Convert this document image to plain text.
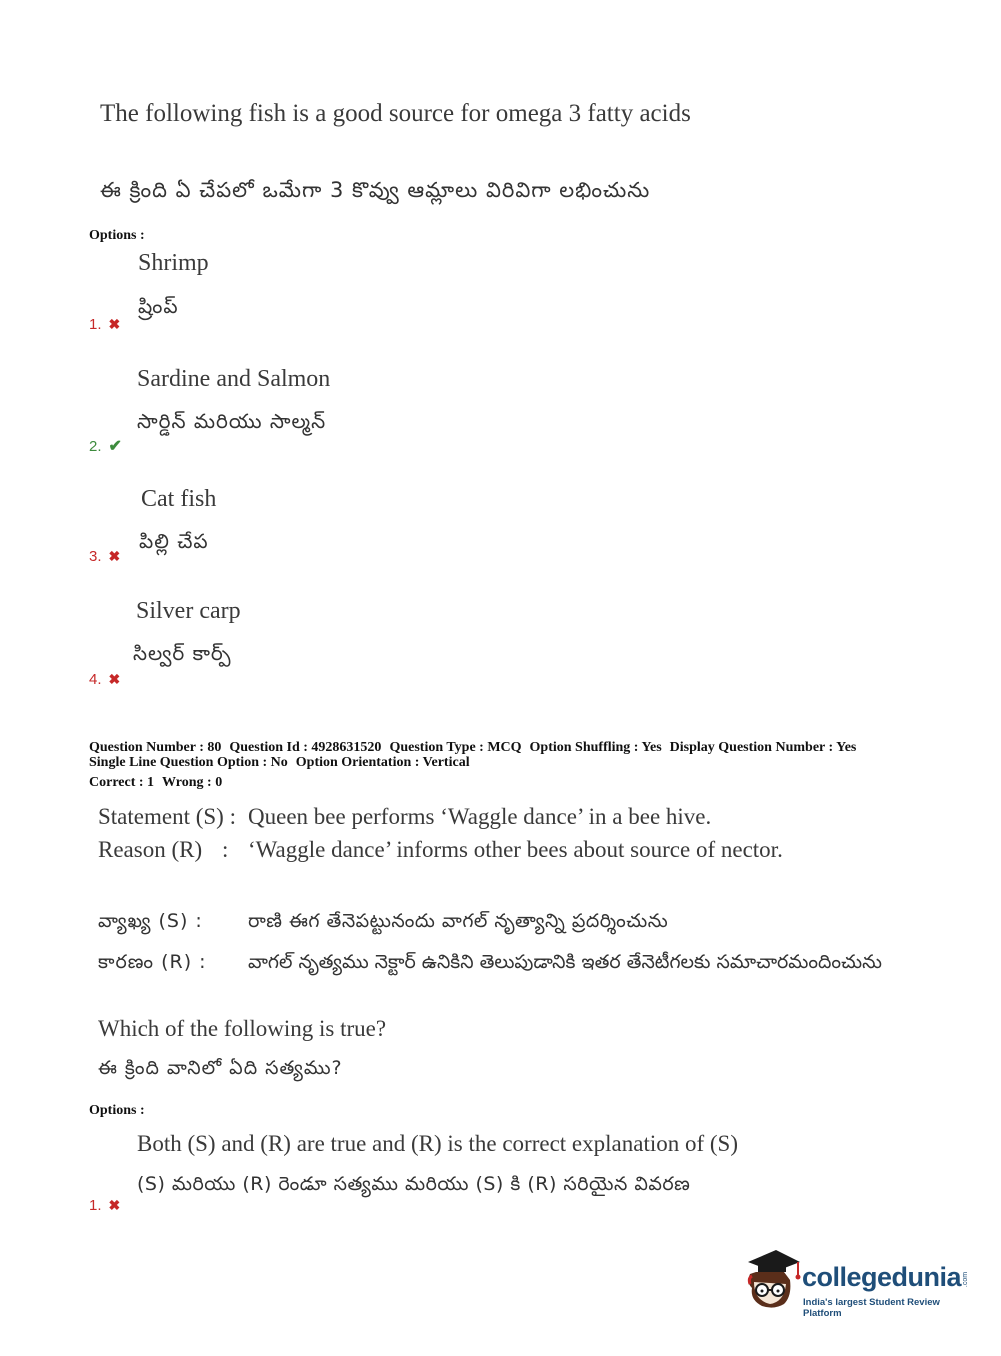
The following fish is a good source for omega 3 fatty acids
ఈ క్రింది ఏ చేపలో ఒమేగా 3 కొవ్వు ఆమ్లాలు విరివిగా లభించును
Options :
Shrimp
ష్రింప్
1. ✖
Sardine and Salmon
సార్డిన్ మరియు సాల్మన్
2. ✔
Cat fish
పిల్లి చేప
3. ✖
Silver carp
సిల్వర్ కార్ప్
4. ✖
Question Number : 80 Question Id : 4928631520 Question Type : MCQ Option Shuffling : Yes Display Question Number : Yes
Single Line Question Option : No Option Orientation : Vertical
Correct : 1 Wrong : 0
Statement (S) : Queen bee performs ‘Waggle dance’ in a bee hive.
Reason (R) : ‘Waggle dance’ informs other bees about source of nector.
వ్యాఖ్య (S) : రాణి ఈగ తేనెపట్టునందు వాగల్ నృత్యాన్ని ప్రదర్శించును
కారణం (R) : వాగల్ నృత్యము నెక్టార్ ఉనికిని తెలుపుడానికి ఇతర తేనెటీగలకు సమాచారమందించును
Which of the following is true?
ఈ క్రింది వానిలో ఏది సత్యము?
Options :
Both (S) and (R) are true and (R) is the correct explanation of (S)
(S) మరియు (R) రెండూ సత్యము మరియు (S) కి (R) సరియైన వివరణ
1. ✖
collegedunia .com
India's largest Student Review Platform
